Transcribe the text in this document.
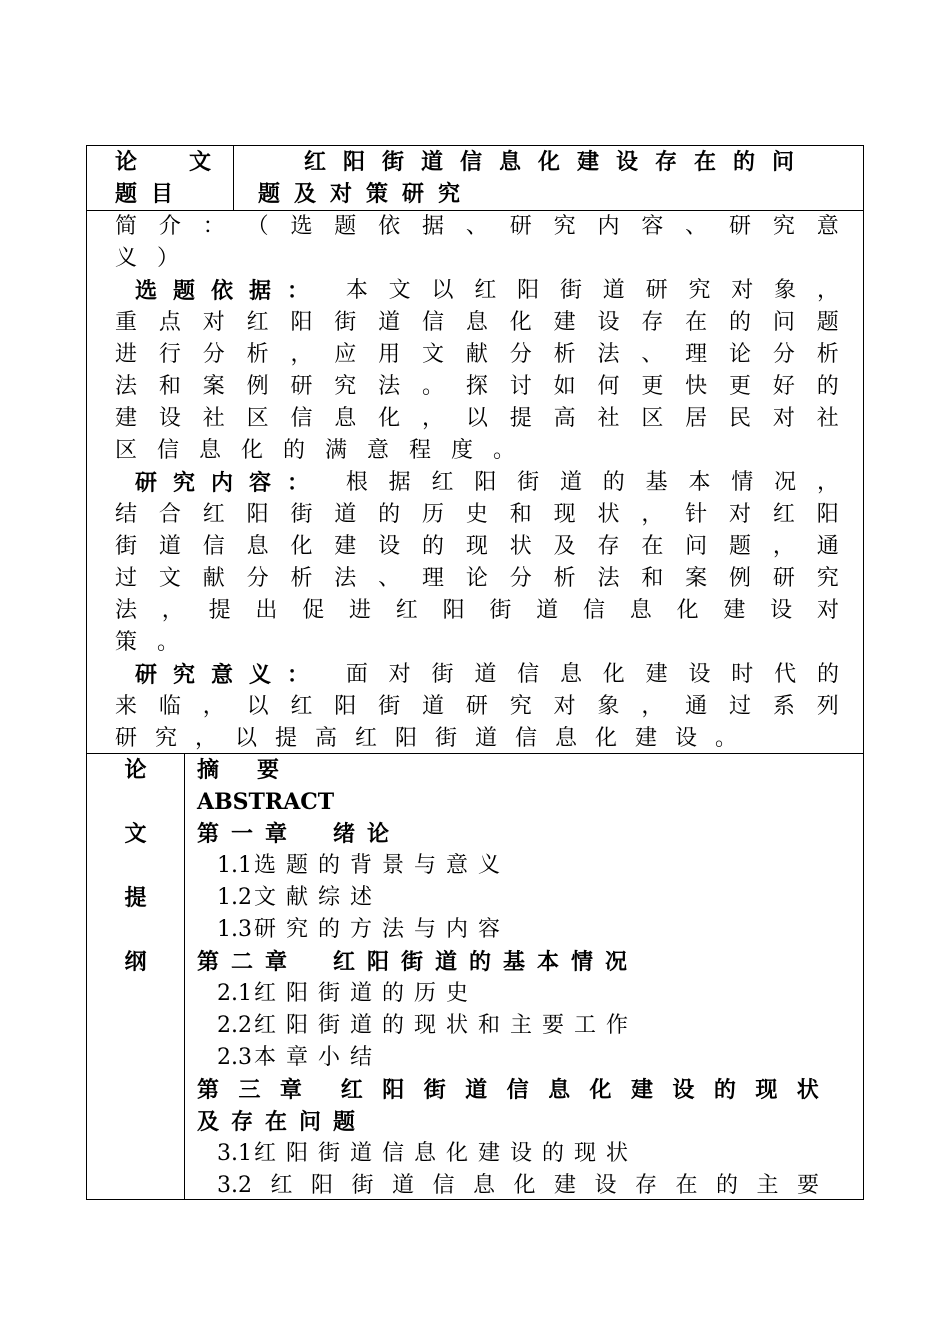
论 文
题目
红阳街道信息化建设存在的问
题及对策研究
简 介 ： （ 选 题 依 据 、 研 究 内 容 、 研 究 意
义）
选题依据： 本 文 以 红 阳 街 道 研 究 对 象 ，
重 点 对 红 阳 街 道 信 息 化 建 设 存 在 的 问 题
进 行 分 析 ， 应 用 文 献 分 析 法 、 理 论 分 析
法 和 案 例 研 究 法 。 探 讨 如 何 更 快 更 好 的
建 设 社 区 信 息 化 ， 以 提 高 社 区 居 民 对 社
区信息化的满意程度。
研究内容： 根 据 红 阳 街 道 的 基 本 情 况 ，
结 合 红 阳 街 道 的 历 史 和 现 状 ， 针 对 红 阳
街 道 信 息 化 建 设 的 现 状 及 存 在 问 题 ， 通
过 文 献 分 析 法 、 理 论 分 析 法 和 案 例 研 究
法 ， 提 出 促 进 红 阳 街 道 信 息 化 建 设 对
策。
研究意义： 面 对 街 道 信 息 化 建 设 时 代 的
来 临 ， 以 红 阳 街 道 研 究 对 象 ， 通 过 系 列
研究，以提高红阳街道信息化建设。
论
文
提
纲
摘　要
ABSTRACT
第一章　绪论
1.1选题的背景与意义
1.2文献综述
1.3研究的方法与内容
第二章　红阳街道的基本情况
2.1红阳街道的历史
2.2红阳街道的现状和主要工作
2.3本章小结
第 三 章 红 阳 街 道 信 息 化 建 设 的 现 状
及存在问题
3.1红阳街道信息化建设的现状
3.2 红 阳 街 道 信 息 化 建 设 存 在 的 主 要
